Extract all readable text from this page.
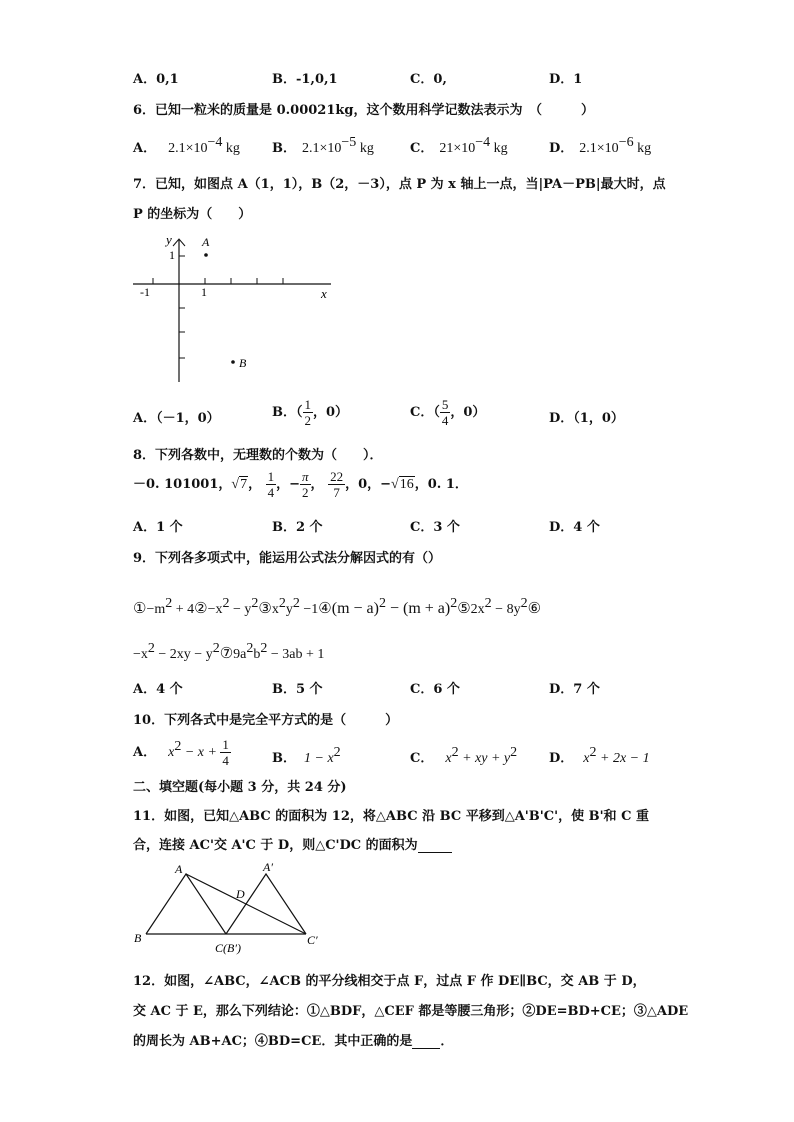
A．0,1	B．-1,0,1	C．0,	D．1
6．已知一粒米的质量是 0.00021kg，这个数用科学记数法表示为　（　　　）
A． $2.1\times 10^{-4}$ kg B． $2.1\times 10^{-5}$ kg	C． $21\times 10^{-4}$ kg	D． $2.1\times 10^{-6}$ kg
7．已知，如图点 A（1，1），B（2，－3），点 P 为 x 轴上一点，当|PA－PB|最大时，点
P 的坐标为（　　）
y
x
1
-1	1
A
B
A．（－1，0）	B．（ $\frac{1}{2}$ ，0）	C．（ $\frac{5}{4}$ ，0）	D．（1，0）
8．下列各数中，无理数的个数为（　　）．
－0. 101001，√7， $\frac{1}{4}$ ，− $\frac{\pi}{2}$ ， $\frac{22}{7}$ ，0，−√16，0. 1．
A．1 个	B．2 个	C．3 个	D．4 个
9．下列各多项式中，能运用公式法分解因式的有（）
$①-m^2$ + $4②-x^2$ − $y^2③x^2y^2$ −1④(m − $a)^2 - (m + a)^2⑤2x^2$ − $8y^2⑥$
$-x^2 - 2xy$ − $y^2⑦9a^2b^2 - 3ab + 1$
A．4 个	B．5 个	C．6 个	D．7 个
10．下列各式中是完全平方式的是（　　　）
A． $x^2 - x + \frac{1}{4}$	B． $1 - x^2$	C． $x^2$ + xy + $y^2$ D． $x^2 + 2x - 1$
二、填空题(每小题 3 分，共 24 分)
11．如图，已知△ABC 的面积为 12，将△ABC 沿 BC 平移到△A'B'C'，使 B'和 C 重
合，连接 AC'交 A'C 于 D，则△C'DC 的面积为
A	A′
D
B
C(B′)
C′
12．如图，∠ABC，∠ACB 的平分线相交于点 F，过点 F 作 DE∥BC，交 AB 于 D，
交 AC 于 E，那么下列结论：①△BDF，△CEF 都是等腰三角形；②DE=BD+CE；③△ADE
的周长为 AB+AC；④BD=CE．其中正确的是 ．
